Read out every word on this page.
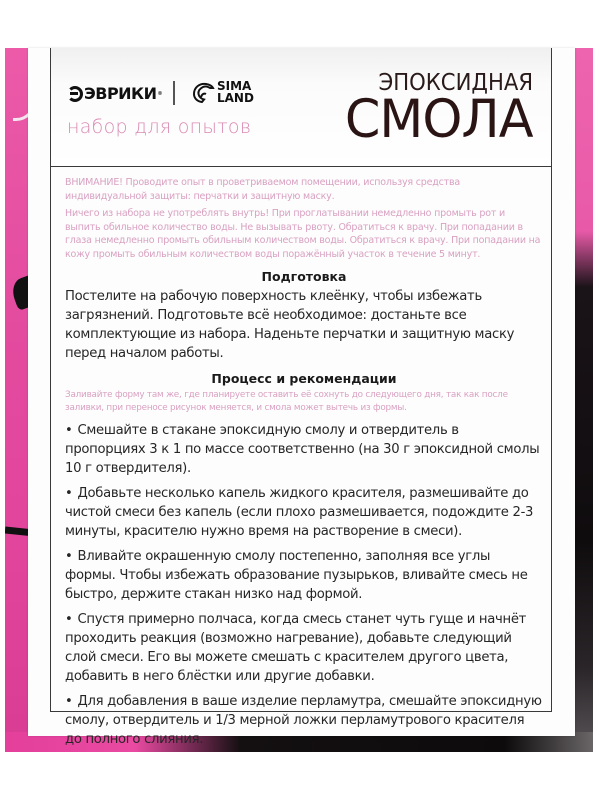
ЭВРИКИ ®
SIMA
LAND
набор для опытов
ЭПОКСИДНАЯ
СМОЛА

ВНИМАНИЕ! Проводите опыт в проветриваемом помещении, используя средства индивидуальной защиты: перчатки и защитную маску.

Ничего из набора не употреблять внутрь! При проглатывании немедленно промыть рот и выпить обильное количество воды. Не вызывать рвоту. Обратиться к врачу. При попадании в глаза немедленно промыть обильным количеством воды. Обратиться к врачу. При попадании на кожу промыть обильным количеством воды поражённый участок в течение 5 минут.

Подготовка

Постелите на рабочую поверхность клеёнку, чтобы избежать загрязнений. Подготовьте всё необходимое: достаньте все комплектующие из набора. Наденьте перчатки и защитную маску перед началом работы.

Процесс и рекомендации

Заливайте форму там же, где планируете оставить её сохнуть до следующего дня, так как после заливки, при переносе рисунок меняется, и смола может вытечь из формы.

• Смешайте в стакане эпоксидную смолу и отвердитель в пропорциях 3 к 1 по массе соответственно (на 30 г эпоксидной смолы 10 г отвердителя).

• Добавьте несколько капель жидкого красителя, размешивайте до чистой смеси без капель (если плохо размешивается, подождите 2-3 минуты, красителю нужно время на растворение в смеси).

• Вливайте окрашенную смолу постепенно, заполняя все углы формы. Чтобы избежать образование пузырьков, вливайте смесь не быстро, держите стакан низко над формой.

• Спустя примерно полчаса, когда смесь станет чуть гуще и начнёт проходить реакция (возможно нагревание), добавьте следующий слой смеси. Его вы можете смешать с красителем другого цвета, добавить в него блёстки или другие добавки.

• Для добавления в ваше изделие перламутра, смешайте эпоксидную смолу, отвердитель и 1/3 мерной ложки перламутрового красителя до полного слияния.
